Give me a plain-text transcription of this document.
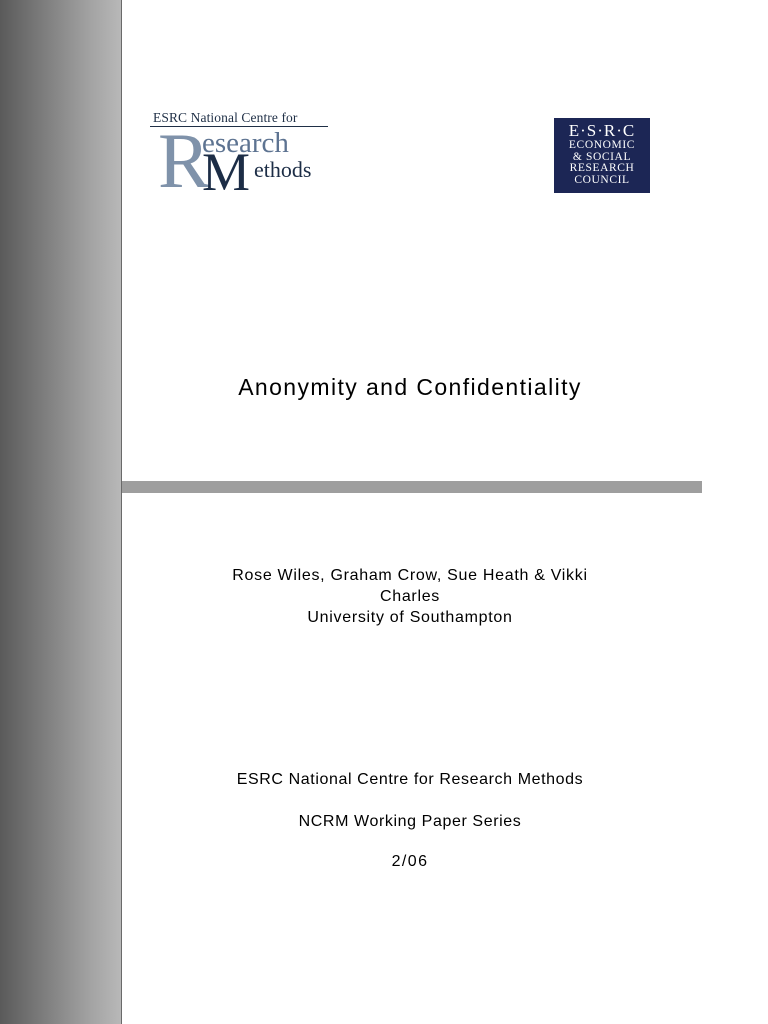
ESRC National Centre for
R
esearch
M ethods
E·S·R·C
ECONOMIC
& SOCIAL
RESEARCH
COUNCIL
Anonymity and Confidentiality
Rose Wiles, Graham Crow, Sue Heath & Vikki
Charles
University of Southampton
ESRC National Centre for Research Methods
NCRM Working Paper Series
2/06
